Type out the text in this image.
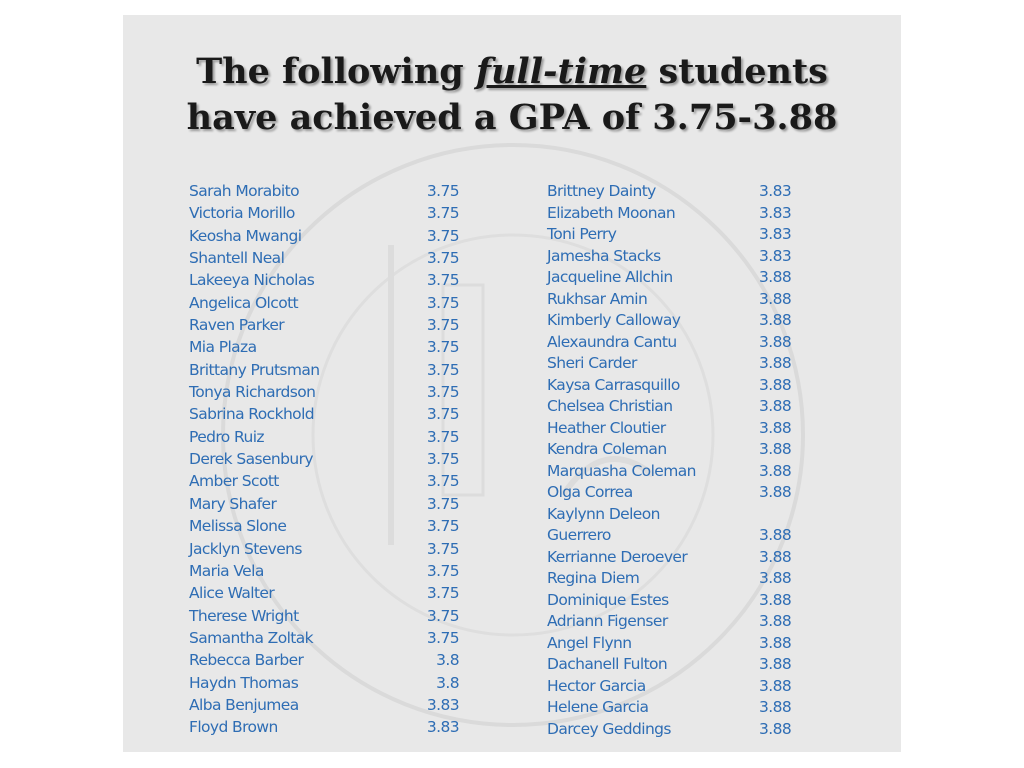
The following full-time students
have achieved a GPA of 3.75-3.88
Sarah Morabito	3.75
Victoria Morillo	3.75
Keosha Mwangi	3.75
Shantell Neal	3.75
Lakeeya Nicholas	3.75
Angelica Olcott	3.75
Raven Parker	3.75
Mia Plaza	3.75
Brittany Prutsman	3.75
Tonya Richardson	3.75
Sabrina Rockhold	3.75
Pedro Ruiz	3.75
Derek Sasenbury	3.75
Amber Scott	3.75
Mary Shafer	3.75
Melissa Slone	3.75
Jacklyn Stevens	3.75
Maria Vela	3.75
Alice Walter	3.75
Therese Wright	3.75
Samantha Zoltak	3.75
Rebecca Barber	3.8
Haydn Thomas	3.8
Alba Benjumea	3.83
Floyd Brown	3.83
Brittney Dainty	3.83
Elizabeth Moonan	3.83
Toni Perry	3.83
Jamesha Stacks	3.83
Jacqueline Allchin	3.88
Rukhsar Amin	3.88
Kimberly Calloway	3.88
Alexaundra Cantu	3.88
Sheri Carder	3.88
Kaysa Carrasquillo	3.88
Chelsea Christian	3.88
Heather Cloutier	3.88
Kendra Coleman	3.88
Marquasha Coleman	3.88
Olga Correa	3.88
Kaylynn Deleon Guerrero	3.88
Kerrianne Deroever	3.88
Regina Diem	3.88
Dominique Estes	3.88
Adriann Figenser	3.88
Angel Flynn	3.88
Dachanell Fulton	3.88
Hector Garcia	3.88
Helene Garcia	3.88
Darcey Geddings	3.88
